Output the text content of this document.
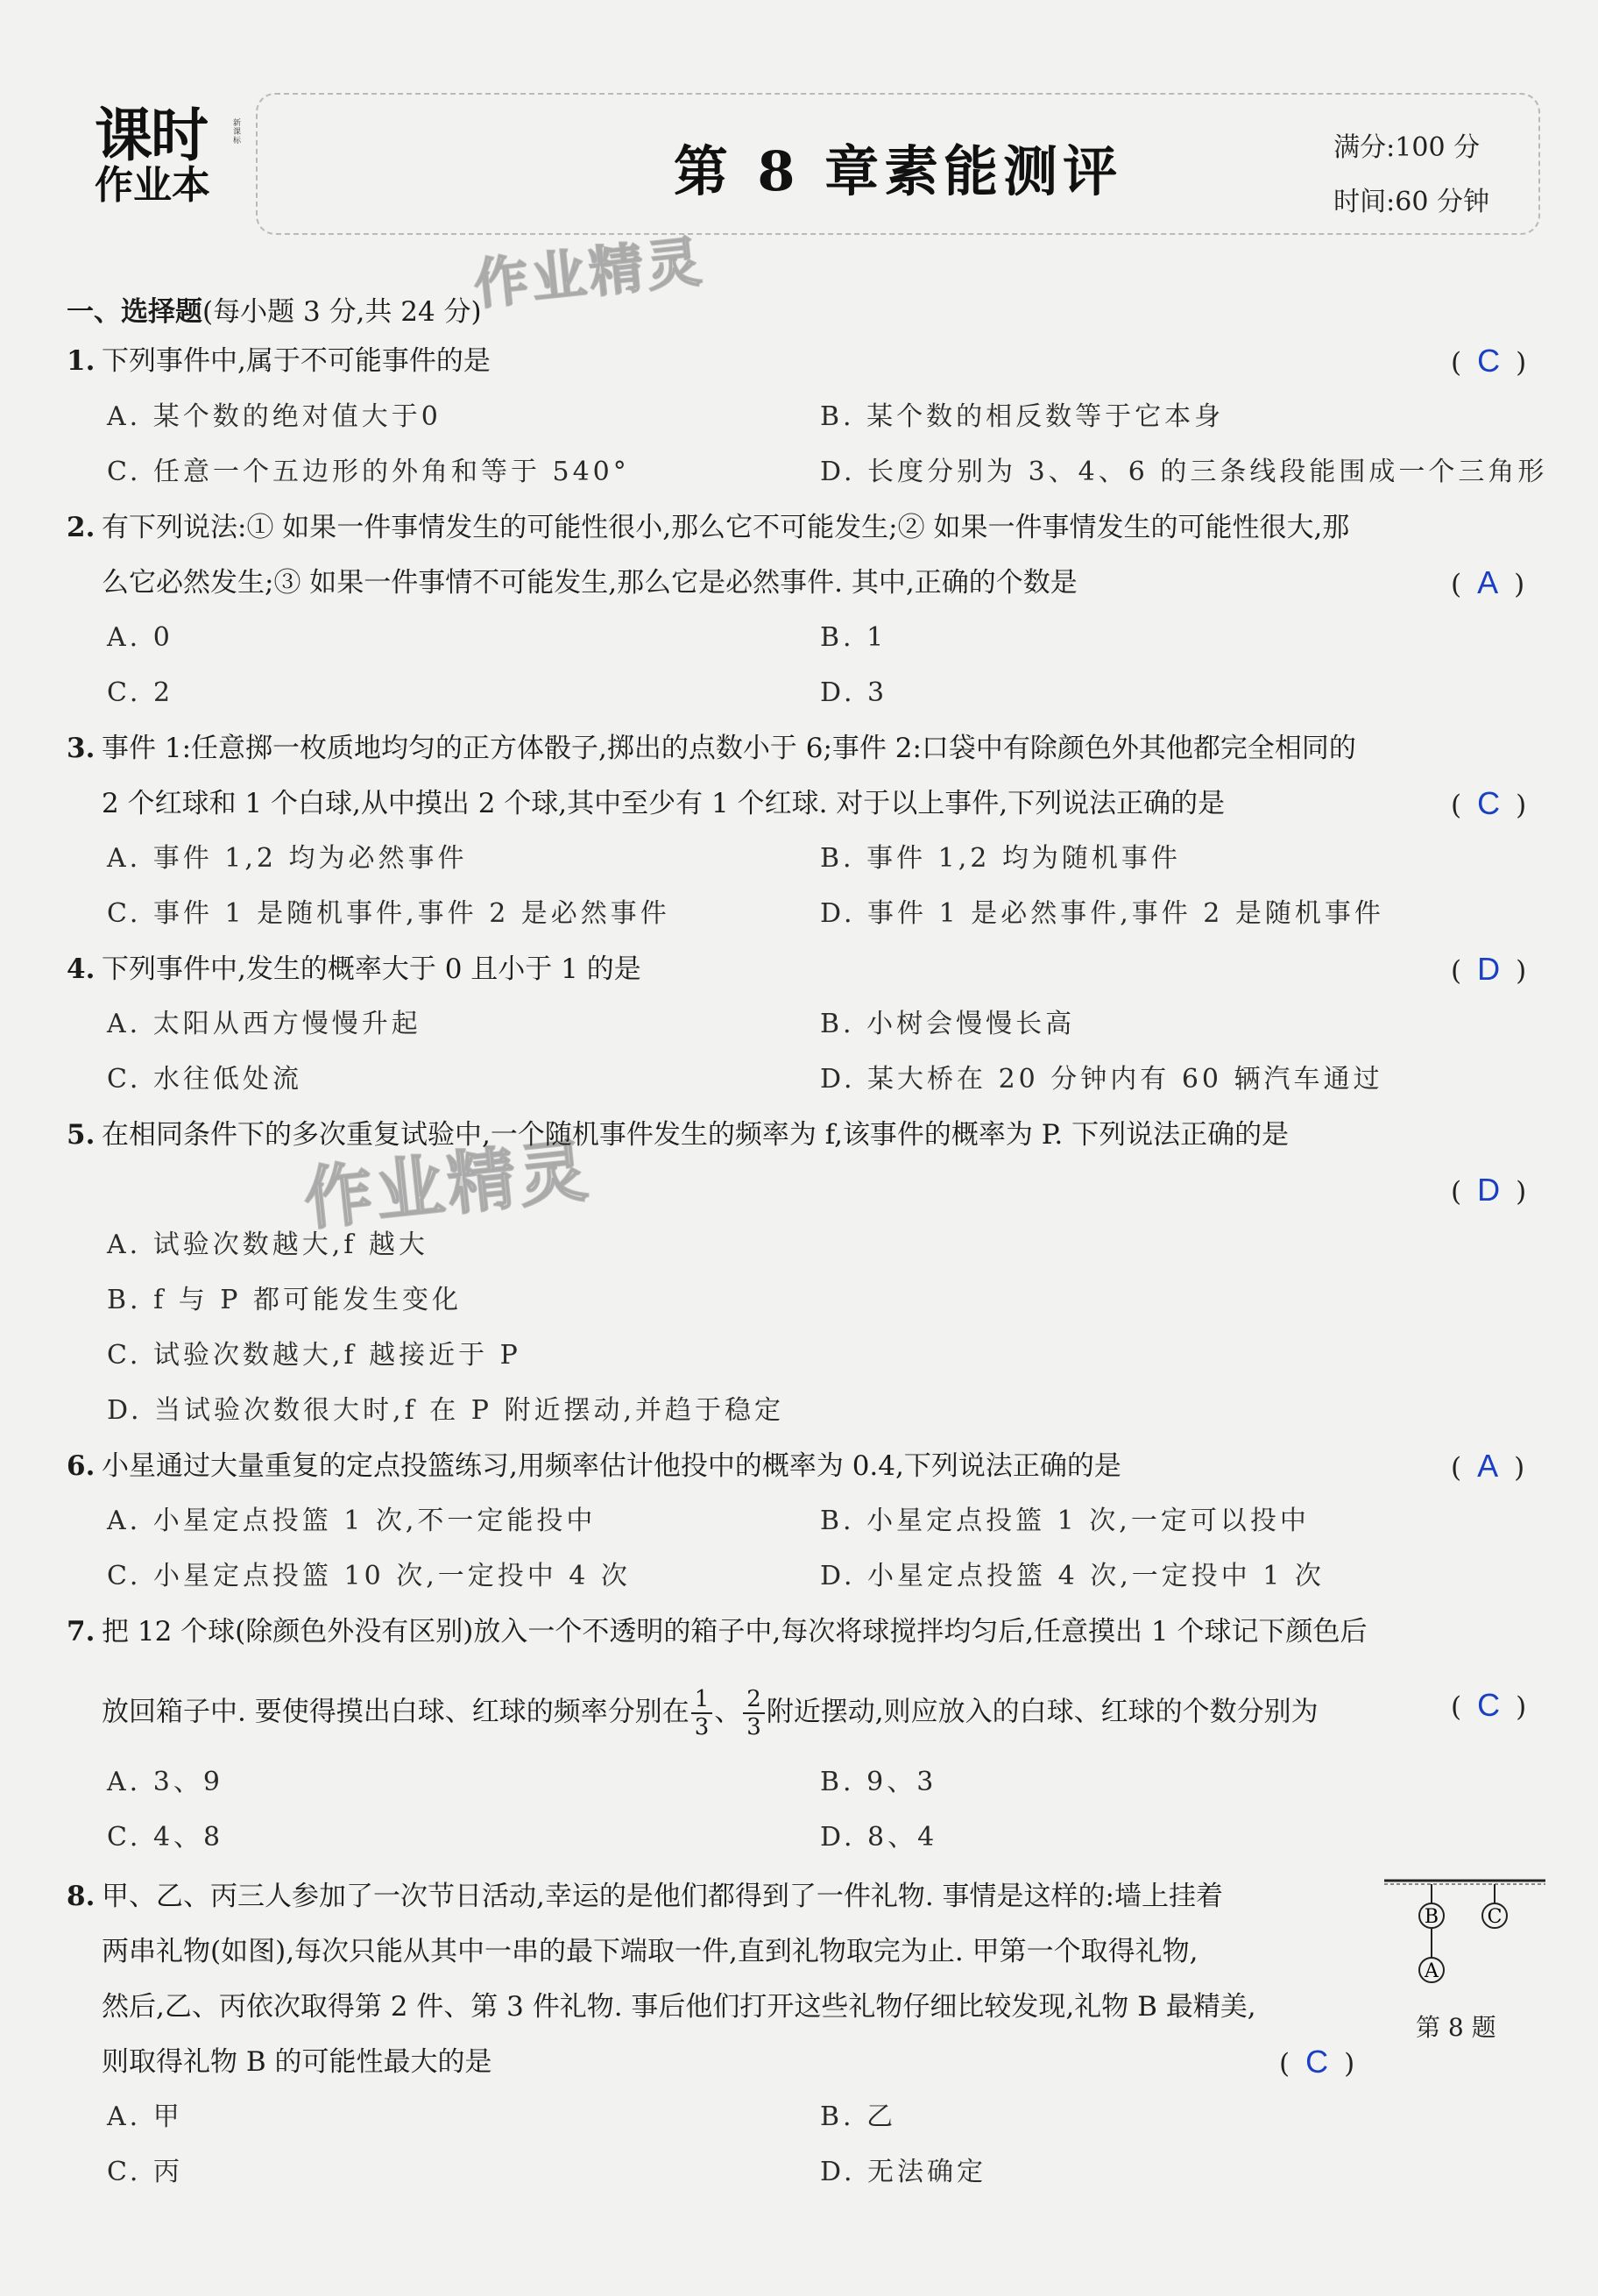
课时
作业本
新课标	第 8 章素能测评	满分:100 分
时间:60 分钟
作业精灵
作业精灵
一、选择题(每小题 3 分,共 24 分)
1. 下列事件中,属于不可能事件的是	( C )
A. 某个数的绝对值大于0	B. 某个数的相反数等于它本身
C. 任意一个五边形的外角和等于 540°	D. 长度分别为 3、4、6 的三条线段能围成一个三角形
2. 有下列说法:① 如果一件事情发生的可能性很小,那么它不可能发生;② 如果一件事情发生的可能性很大,那
么它必然发生;③ 如果一件事情不可能发生,那么它是必然事件. 其中,正确的个数是	( A )
A. 0	B. 1
C. 2	D. 3
3. 事件 1:任意掷一枚质地均匀的正方体骰子,掷出的点数小于 6;事件 2:口袋中有除颜色外其他都完全相同的
2 个红球和 1 个白球,从中摸出 2 个球,其中至少有 1 个红球. 对于以上事件,下列说法正确的是	( C )
A. 事件 1,2 均为必然事件	B. 事件 1,2 均为随机事件
C. 事件 1 是随机事件,事件 2 是必然事件	D. 事件 1 是必然事件,事件 2 是随机事件
4. 下列事件中,发生的概率大于 0 且小于 1 的是	( D )
A. 太阳从西方慢慢升起	B. 小树会慢慢长高
C. 水往低处流	D. 某大桥在 20 分钟内有 60 辆汽车通过
5. 在相同条件下的多次重复试验中,一个随机事件发生的频率为 f,该事件的概率为 P. 下列说法正确的是
( D )
A. 试验次数越大,f 越大
B. f 与 P 都可能发生变化
C. 试验次数越大,f 越接近于 P
D. 当试验次数很大时,f 在 P 附近摆动,并趋于稳定
6. 小星通过大量重复的定点投篮练习,用频率估计他投中的概率为 0.4,下列说法正确的是	( A )
A. 小星定点投篮 1 次,不一定能投中	B. 小星定点投篮 1 次,一定可以投中
C. 小星定点投篮 10 次,一定投中 4 次	D. 小星定点投篮 4 次,一定投中 1 次
7. 把 12 个球(除颜色外没有区别)放入一个不透明的箱子中,每次将球搅拌均匀后,任意摸出 1 个球记下颜色后
放回箱子中. 要使得摸出白球、红球的频率分别在 $\frac{1}{3}$ 、 $\frac{2}{3}$ 附近摆动,则应放入的白球、红球的个数分别为	( C )
A. 3、9	B. 9、3
C. 4、8	D. 8、4
8. 甲、乙、丙三人参加了一次节日活动,幸运的是他们都得到了一件礼物. 事情是这样的:墙上挂着
两串礼物(如图),每次只能从其中一串的最下端取一件,直到礼物取完为止. 甲第一个取得礼物,
然后,乙、丙依次取得第 2 件、第 3 件礼物. 事后他们打开这些礼物仔细比较发现,礼物 B 最精美,
则取得礼物 B 的可能性最大的是	( C )
A. 甲	B. 乙
C. 丙	D. 无法确定
B
A
C
第 8 题
